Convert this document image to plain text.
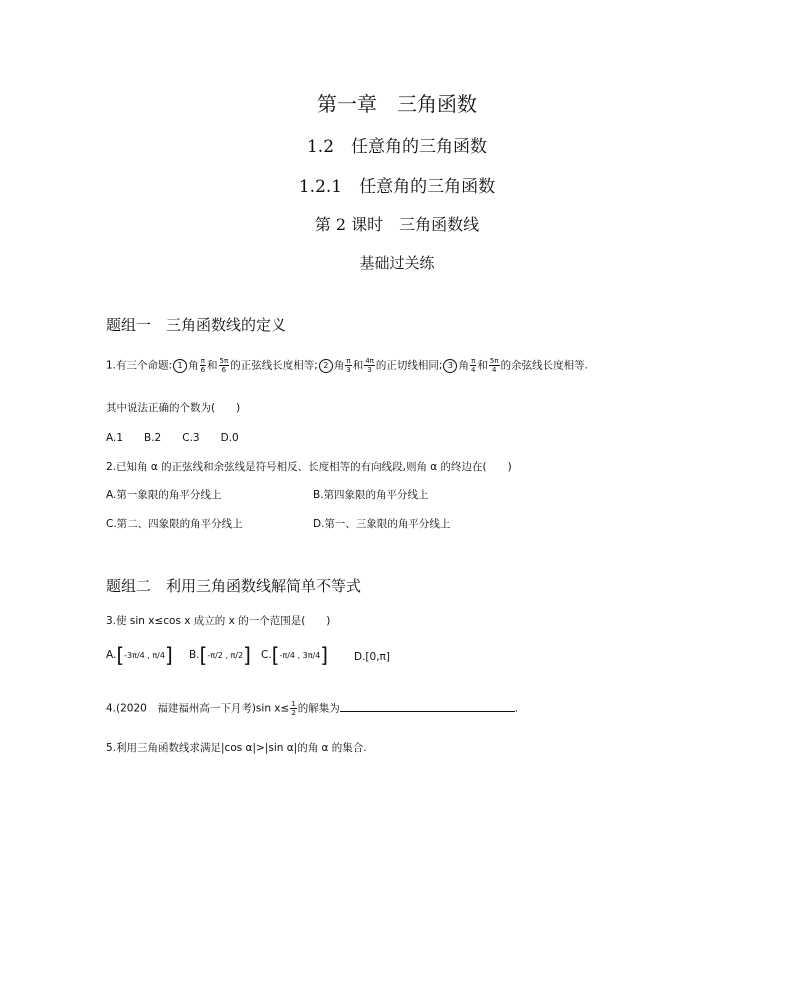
第一章　三角函数
1.2　任意角的三角函数
1.2.1　任意角的三角函数
第 2 课时　三角函数线
基础过关练
题组一　三角函数线的定义
1.有三个命题: 1 角 $\frac{\pi}{6}$ 和 $\frac{5\pi}{6}$ 的正弦线长度相等; 2 角 $\frac{\pi}{3}$ 和 $\frac{4\pi}{3}$ 的正切线相同; 3 角 $\frac{\pi}{4}$ 和 $\frac{5\pi}{4}$ 的余弦线长度相等.
其中说法正确的个数为(　　)
A.1　　B.2　　C.3　　D.0
2.已知角 α 的正弦线和余弦线是符号相反、长度相等的有向线段,则角 α 的终边在(　　)
A.第一象限的角平分线上	B.第四象限的角平分线上
C.第二、四象限的角平分线上	D.第一、三象限的角平分线上
题组二　利用三角函数线解简单不等式
3.使 sin x≤cos x 成立的 x 的一个范围是(　　)
A.[-3π/4 , π/4] B.[-π/2 , π/2] C.[-π/4 , 3π/4] D.[0,π]
4.(2020　福建福州高一下月考)sin $x\le \frac{1}{2}$ 的解集为	.
5.利用三角函数线求满足|cos α|>|sin α|的角 α 的集合.
